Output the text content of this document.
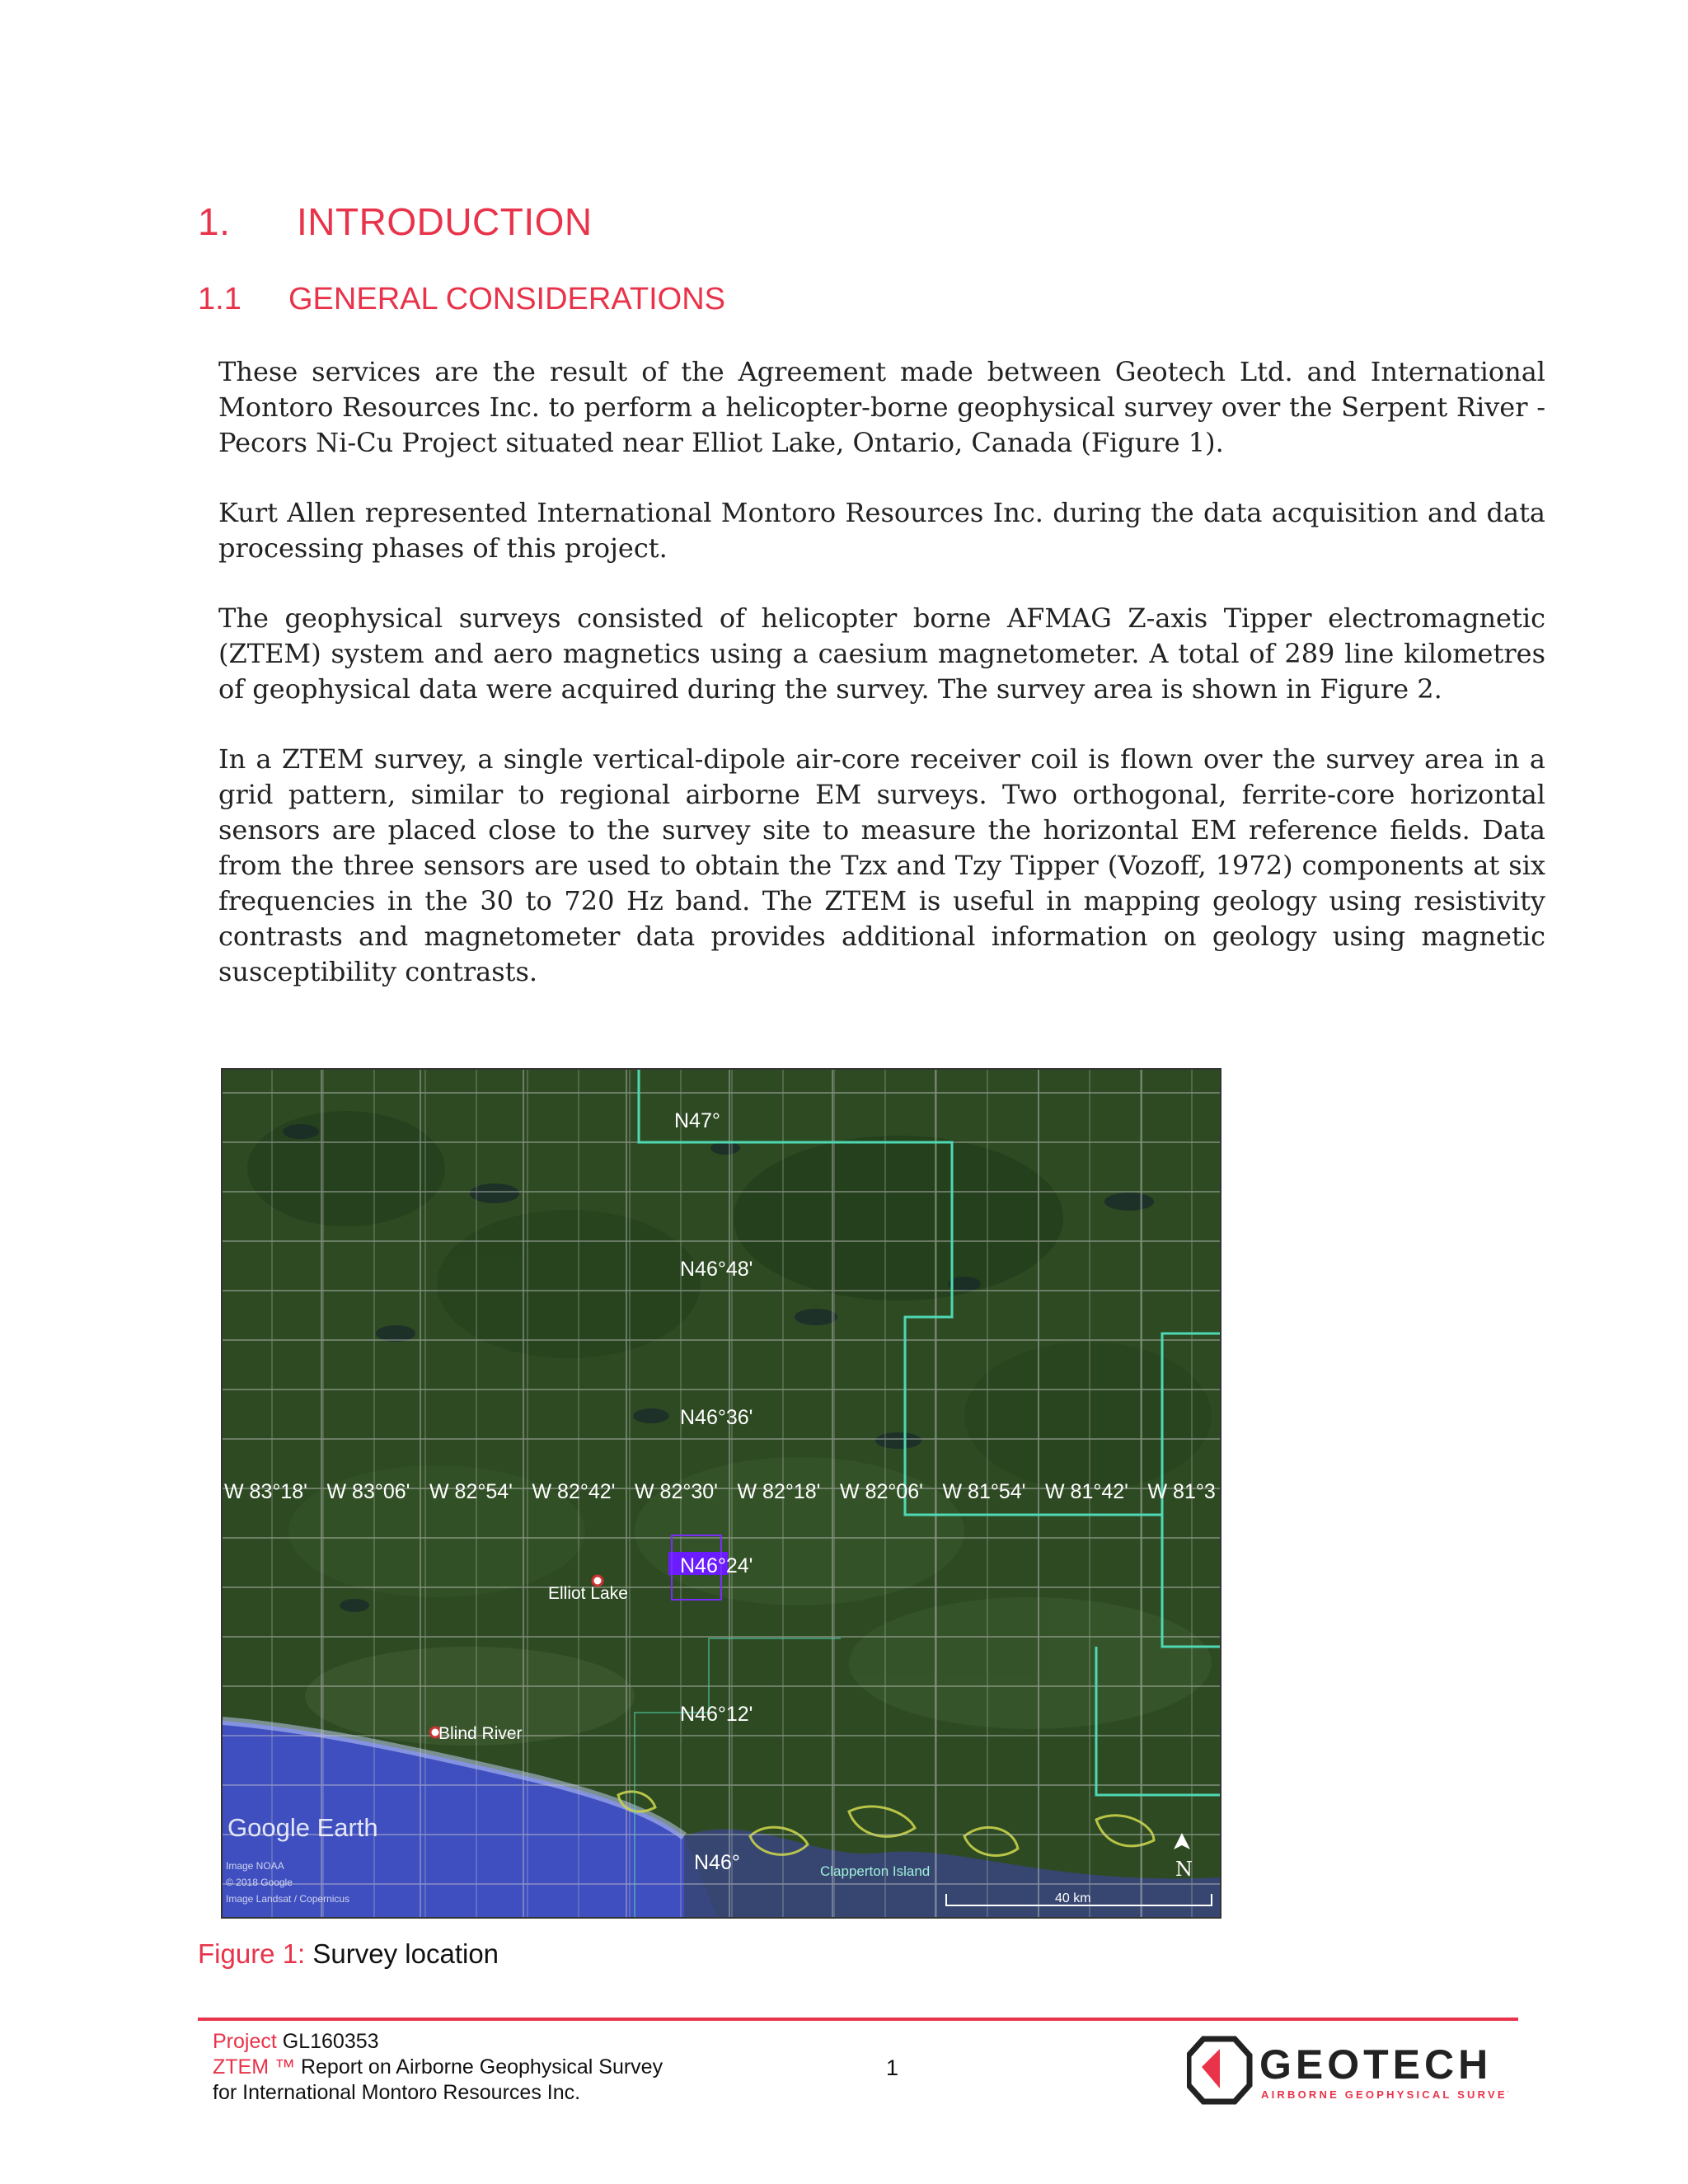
1. INTRODUCTION
1.1 GENERAL CONSIDERATIONS

These services are the result of the Agreement made between Geotech Ltd. and International Montoro Resources Inc. to perform a helicopter-borne geophysical survey over the Serpent River - Pecors Ni-Cu Project situated near Elliot Lake, Ontario, Canada (Figure 1).

Kurt Allen represented International Montoro Resources Inc. during the data acquisition and data processing phases of this project.

The geophysical surveys consisted of helicopter borne AFMAG Z-axis Tipper electromagnetic (ZTEM) system and aero magnetics using a caesium magnetometer. A total of 289 line kilometres of geophysical data were acquired during the survey. The survey area is shown in Figure 2.

In a ZTEM survey, a single vertical-dipole air-core receiver coil is flown over the survey area in a grid pattern, similar to regional airborne EM surveys. Two orthogonal, ferrite-core horizontal sensors are placed close to the survey site to measure the horizontal EM reference fields. Data from the three sensors are used to obtain the Tzx and Tzy Tipper (Vozoff, 1972) components at six frequencies in the 30 to 720 Hz band. The ZTEM is useful in mapping geology using resistivity contrasts and magnetometer data provides additional information on geology using magnetic susceptibility contrasts.

W 83°18' W 83°06' W 82°54' W 82°42' W 82°30' W 82°18' W 82°06' W 81°54' W 81°42' W 81°3
N47°
N46°48'
N46°36'
N46°24'
N46°12'
N46°
Elliot Lake
Blind River
Clapperton Island
Google Earth
Image NOAA
© 2018 Google
Image Landsat / Copernicus
N
40 km
Figure 1: Survey location
Project GL160353
ZTEM ™ Report on Airborne Geophysical Survey
for International Montoro Resources Inc.
1	GEOTECH
AIRBORNE GEOPHYSICAL SURVEYS
